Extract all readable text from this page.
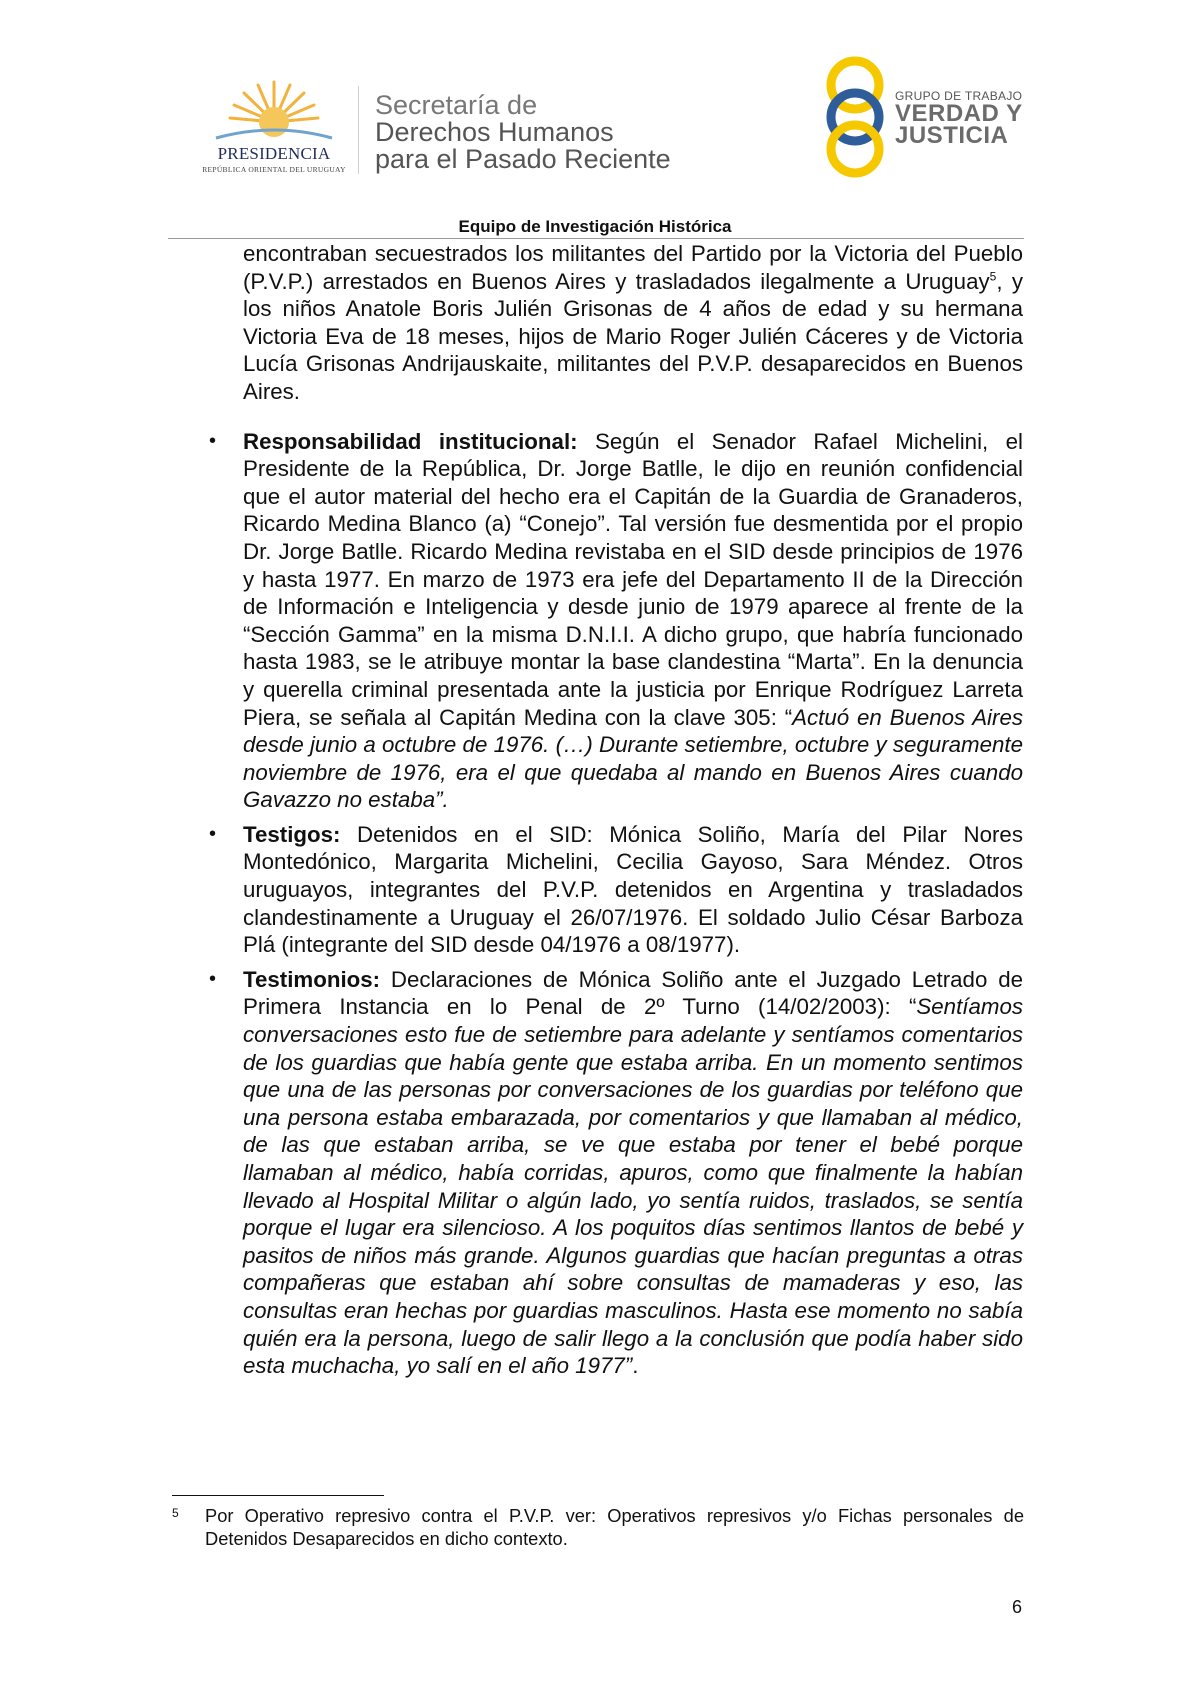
PRESIDENCIA
REPÚBLICA ORIENTAL DEL URUGUAY
Secretaría de
Derechos Humanos
para el Pasado Reciente
GRUPO DE TRABAJO
VERDAD Y
JUSTICIA
Equipo de Investigación Histórica

encontraban secuestrados los militantes del Partido por la Victoria del Pueblo (P.V.P.) arrestados en Buenos Aires y trasladados ilegalmente a Uruguay$^5$, y los niños Anatole Boris Julién Grisonas de 4 años de edad y su hermana Victoria Eva de 18 meses, hijos de Mario Roger Julién Cáceres y de Victoria Lucía Grisonas Andrijauskaite, militantes del P.V.P. desaparecidos en Buenos Aires.

• Responsabilidad institucional: Según el Senador Rafael Michelini, el Presidente de la República, Dr. Jorge Batlle, le dijo en reunión confidencial que el autor material del hecho era el Capitán de la Guardia de Granaderos, Ricardo Medina Blanco (a) “Conejo”. Tal versión fue desmentida por el propio Dr. Jorge Batlle. Ricardo Medina revistaba en el SID desde principios de 1976 y hasta 1977. En marzo de 1973 era jefe del Departamento II de la Dirección de Información e Inteligencia y desde junio de 1979 aparece al frente de la “Sección Gamma” en la misma D.N.I.I. A dicho grupo, que habría funcionado hasta 1983, se le atribuye montar la base clandestina “Marta”. En la denuncia y querella criminal presentada ante la justicia por Enrique Rodríguez Larreta Piera, se señala al Capitán Medina con la clave 305: “Actuó en Buenos Aires desde junio a octubre de 1976. (…) Durante setiembre, octubre y seguramente noviembre de 1976, era el que quedaba al mando en Buenos Aires cuando Gavazzo no estaba”.
• Testigos: Detenidos en el SID: Mónica Soliño, María del Pilar Nores Montedónico, Margarita Michelini, Cecilia Gayoso, Sara Méndez. Otros uruguayos, integrantes del P.V.P. detenidos en Argentina y trasladados clandestinamente a Uruguay el 26/07/1976. El soldado Julio César Barboza Plá (integrante del SID desde 04/1976 a 08/1977).
• Testimonios: Declaraciones de Mónica Soliño ante el Juzgado Letrado de Primera Instancia en lo Penal de 2º Turno (14/02/2003): “Sentíamos conversaciones esto fue de setiembre para adelante y sentíamos comentarios de los guardias que había gente que estaba arriba. En un momento sentimos que una de las personas por conversaciones de los guardias por teléfono que una persona estaba embarazada, por comentarios y que llamaban al médico, de las que estaban arriba, se ve que estaba por tener el bebé porque llamaban al médico, había corridas, apuros, como que finalmente la habían llevado al Hospital Militar o algún lado, yo sentía ruidos, traslados, se sentía porque el lugar era silencioso. A los poquitos días sentimos llantos de bebé y pasitos de niños más grande. Algunos guardias que hacían preguntas a otras compañeras que estaban ahí sobre consultas de mamaderas y eso, las consultas eran hechas por guardias masculinos. Hasta ese momento no sabía quién era la persona, luego de salir llego a la conclusión que podía haber sido esta muchacha, yo salí en el año 1977”.
5 Por Operativo represivo contra el P.V.P. ver: Operativos represivos y/o Fichas personales de Detenidos Desaparecidos en dicho contexto.
6
